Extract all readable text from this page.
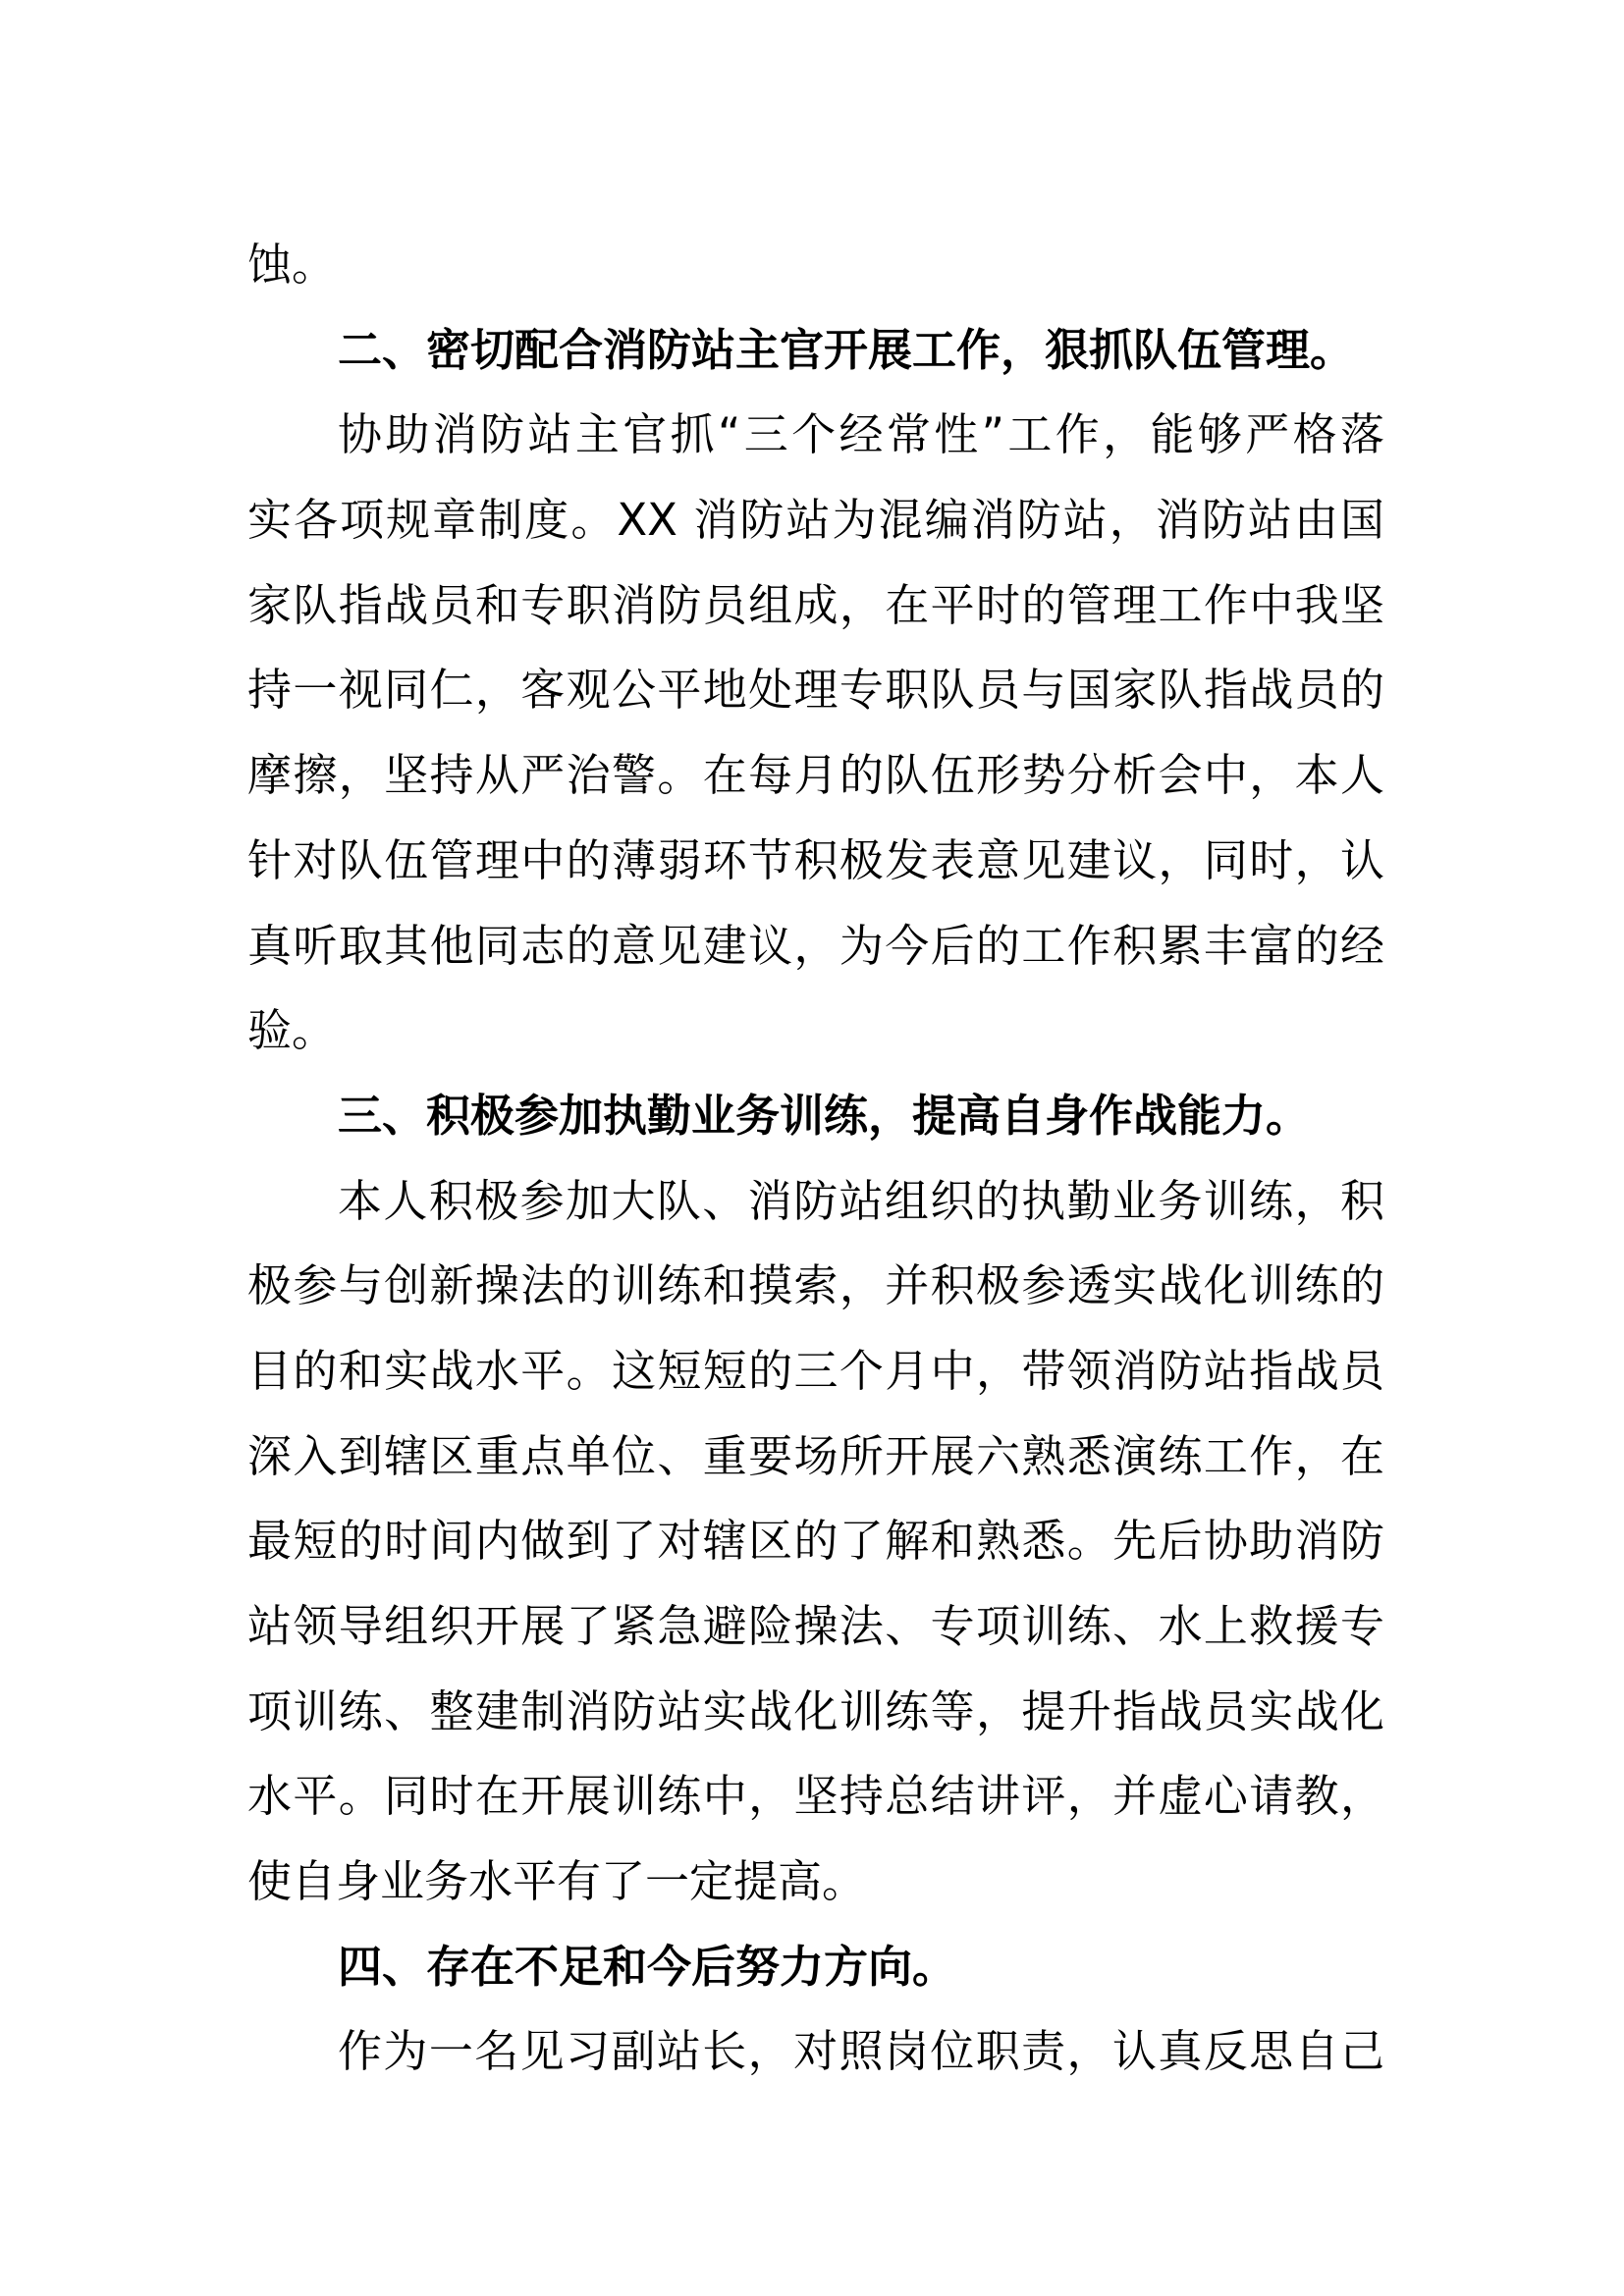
蚀。
二、密切配合消防站主官开展工作，狠抓队伍管理。
协助消防站主官抓“三个经常性”工作，能够严格落
实各项规章制度。XX 消防站为混编消防站，消防站由国
家队指战员和专职消防员组成，在平时的管理工作中我坚
持一视同仁，客观公平地处理专职队员与国家队指战员的
摩擦，坚持从严治警。在每月的队伍形势分析会中，本人
针对队伍管理中的薄弱环节积极发表意见建议，同时，认
真听取其他同志的意见建议，为今后的工作积累丰富的经
验。
三、积极参加执勤业务训练，提高自身作战能力。
本人积极参加大队、消防站组织的执勤业务训练，积
极参与创新操法的训练和摸索，并积极参透实战化训练的
目的和实战水平。这短短的三个月中，带领消防站指战员
深入到辖区重点单位、重要场所开展六熟悉演练工作，在
最短的时间内做到了对辖区的了解和熟悉。先后协助消防
站领导组织开展了紧急避险操法、专项训练、水上救援专
项训练、整建制消防站实战化训练等，提升指战员实战化
水平。同时在开展训练中，坚持总结讲评，并虚心请教，
使自身业务水平有了一定提高。
四、存在不足和今后努力方向。
作为一名见习副站长，对照岗位职责，认真反思自己
